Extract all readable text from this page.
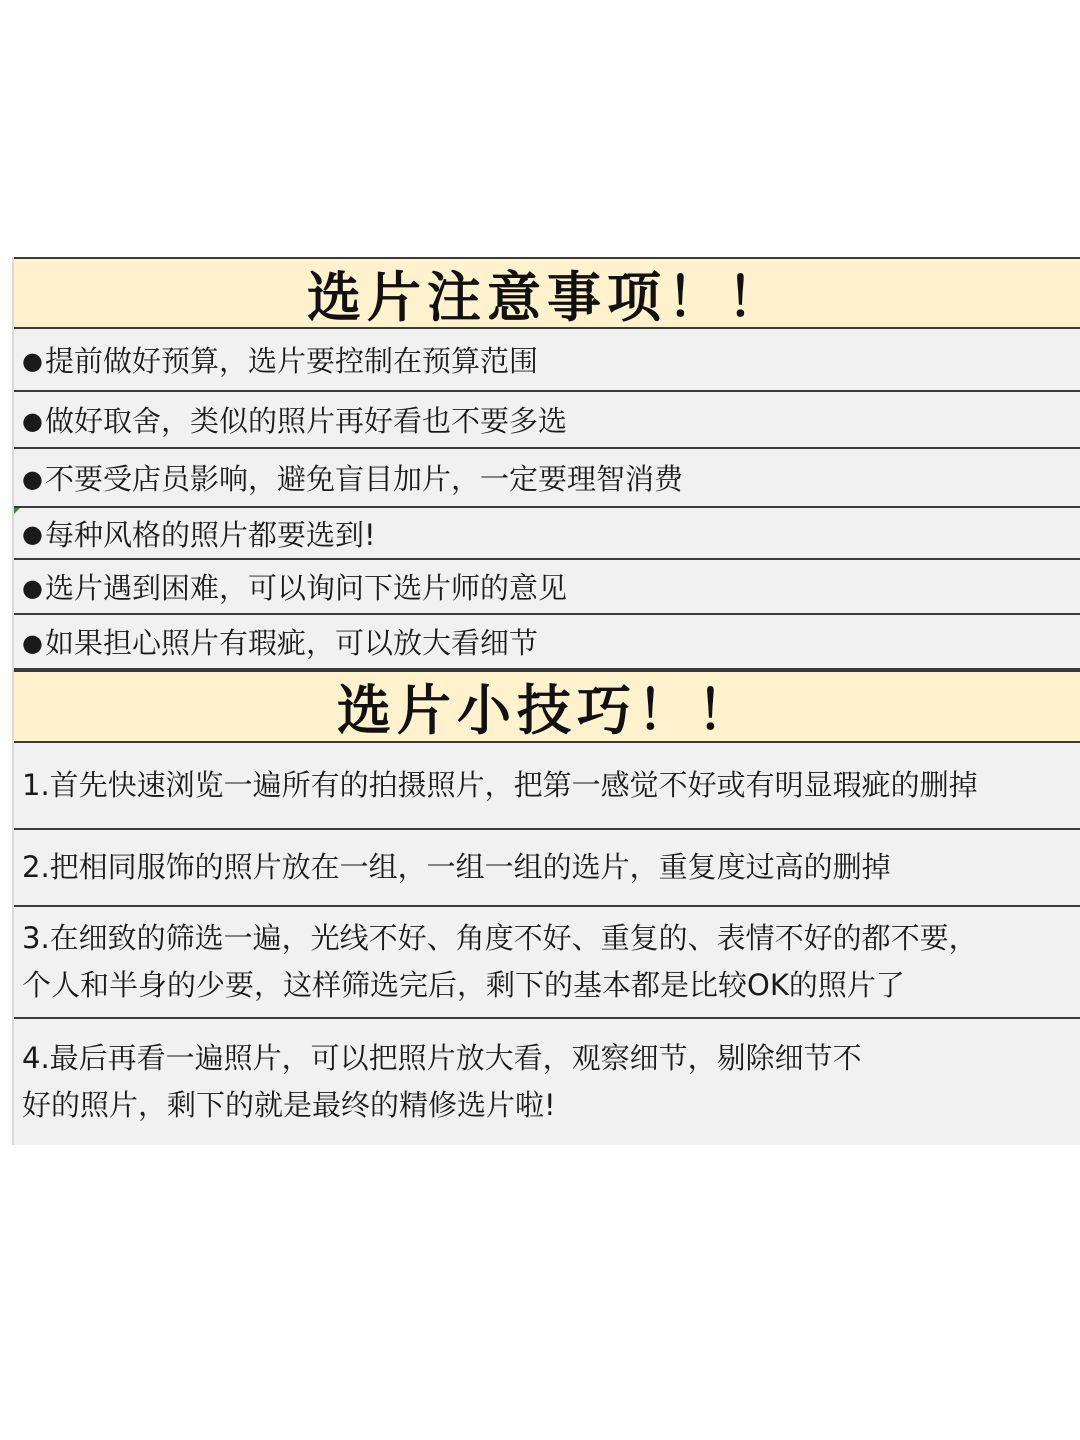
选片注意事项！！
● 提前做好预算，选片要控制在预算范围
● 做好取舍，类似的照片再好看也不要多选
● 不要受店员影响，避免盲目加片，一定要理智消费
● 每种风格的照片都要选到!
● 选片遇到困难，可以询问下选片师的意见
● 如果担心照片有瑕疵，可以放大看细节
选片小技巧！！
1.首先快速浏览一遍所有的拍摄照片，把第一感觉不好或有明显瑕疵的删掉
2.把相同服饰的照片放在一组，一组一组的选片，重复度过高的删掉
3.在细致的筛选一遍，光线不好、角度不好、重复的、表情不好的都不要，
个人和半身的少要，这样筛选完后，剩下的基本都是比较OK的照片了
4.最后再看一遍照片，可以把照片放大看，观察细节，剔除细节不
好的照片，剩下的就是最终的精修选片啦!
